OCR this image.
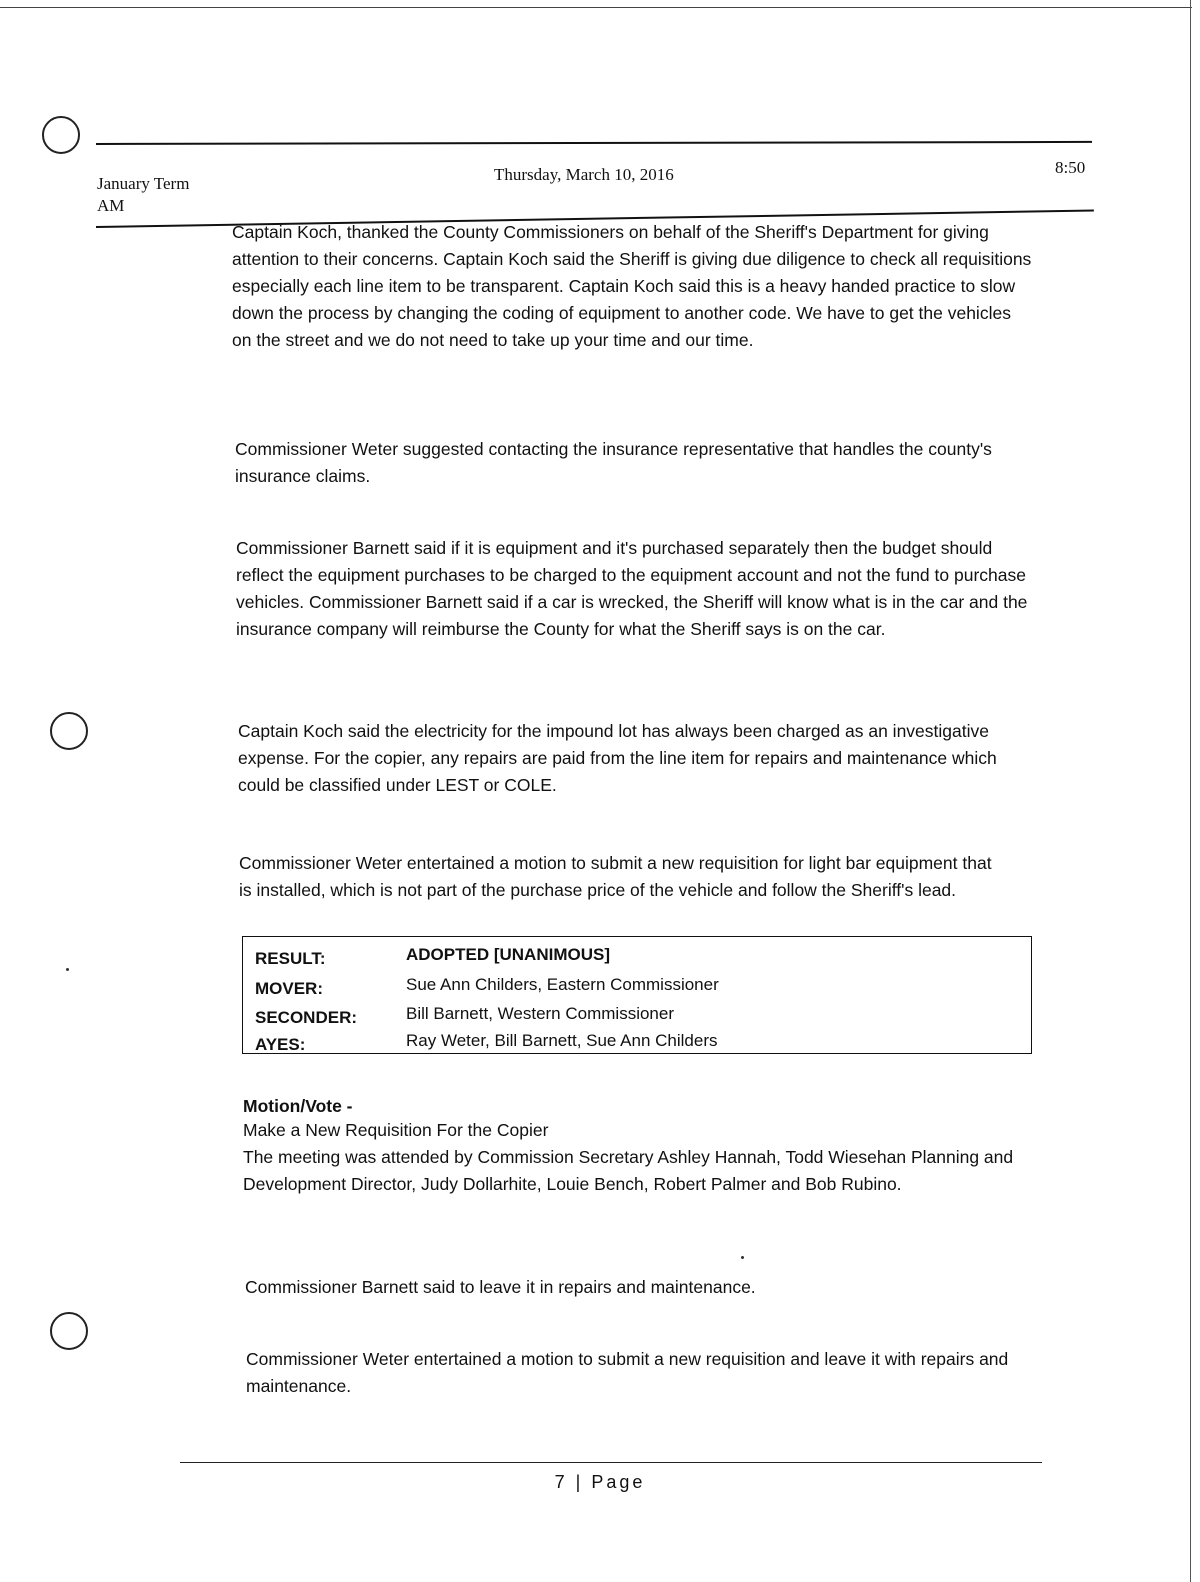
January Term
AM
Thursday, March 10, 2016	8:50
Captain Koch, thanked the County Commissioners on behalf of the Sheriff's Department for giving attention to their concerns. Captain Koch said the Sheriff is giving due diligence to check all requisitions especially each line item to be transparent. Captain Koch said this is a heavy handed practice to slow down the process by changing the coding of equipment to another code. We have to get the vehicles on the street and we do not need to take up your time and our time.
Commissioner Weter suggested contacting the insurance representative that handles the county's insurance claims.
Commissioner Barnett said if it is equipment and it's purchased separately then the budget should reflect the equipment purchases to be charged to the equipment account and not the fund to purchase vehicles. Commissioner Barnett said if a car is wrecked, the Sheriff will know what is in the car and the insurance company will reimburse the County for what the Sheriff says is on the car.
Captain Koch said the electricity for the impound lot has always been charged as an investigative expense. For the copier, any repairs are paid from the line item for repairs and maintenance which could be classified under LEST or COLE.
Commissioner Weter entertained a motion to submit a new requisition for light bar equipment that is installed, which is not part of the purchase price of the vehicle and follow the Sheriff's lead.
RESULT:	ADOPTED [UNANIMOUS]
MOVER:	Sue Ann Childers, Eastern Commissioner
SECONDER:	Bill Barnett, Western Commissioner
AYES:	Ray Weter, Bill Barnett, Sue Ann Childers
Motion/Vote -
Make a New Requisition For the Copier
The meeting was attended by Commission Secretary Ashley Hannah, Todd Wiesehan Planning and Development Director, Judy Dollarhite, Louie Bench, Robert Palmer and Bob Rubino.
Commissioner Barnett said to leave it in repairs and maintenance.
Commissioner Weter entertained a motion to submit a new requisition and leave it with repairs and maintenance.
7 | Page
